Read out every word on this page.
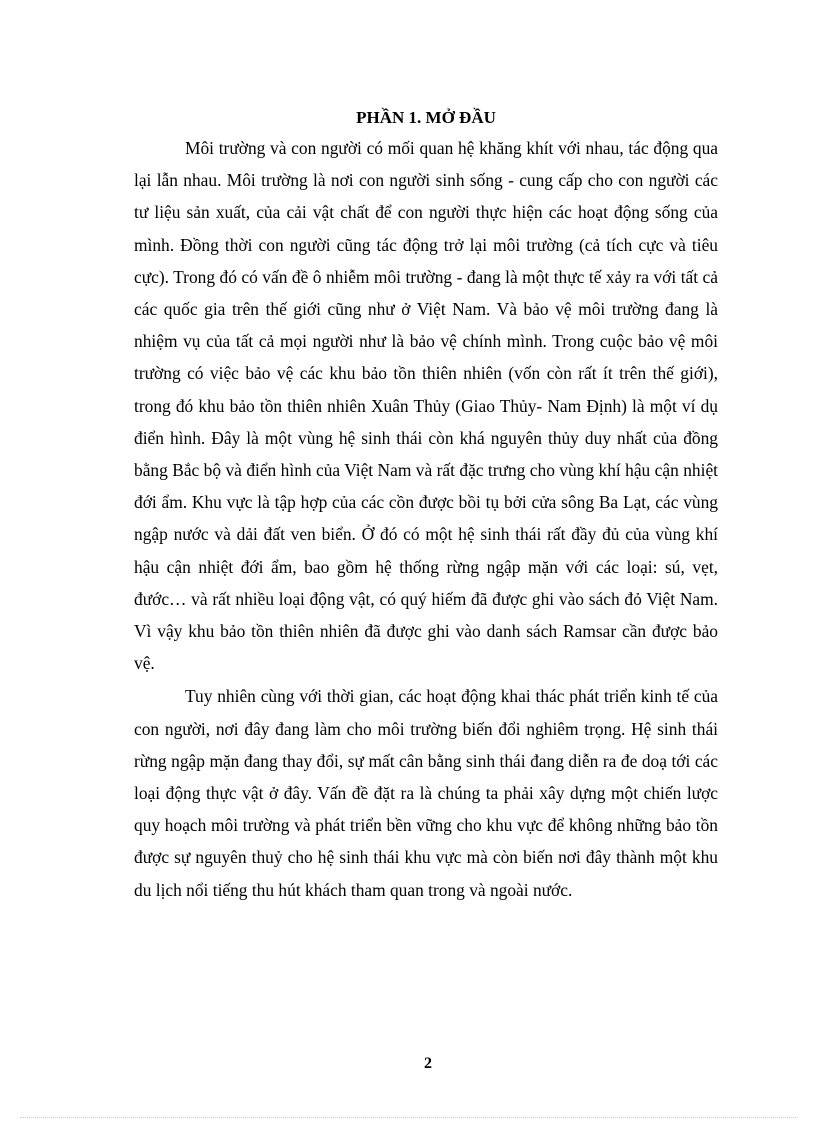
PHẦN 1. MỞ ĐẦU

Môi trường và con người có mối quan hệ khăng khít với nhau, tác động qua lại lẫn nhau. Môi trường là nơi con người sinh sống - cung cấp cho con người các tư liệu sản xuất, của cải vật chất để con người thực hiện các hoạt động sống của mình. Đồng thời con người cũng tác động trở lại môi trường (cả tích cực và tiêu cực). Trong đó có vấn đề ô nhiễm môi trường - đang là một thực tế xảy ra với tất cả các quốc gia trên thế giới cũng như ở Việt Nam. Và bảo vệ môi trường đang là nhiệm vụ của tất cả mọi người như là bảo vệ chính mình. Trong cuộc bảo vệ môi trường có việc bảo vệ các khu bảo tồn thiên nhiên (vốn còn rất ít trên thế giới), trong đó khu bảo tồn thiên nhiên Xuân Thủy (Giao Thủy- Nam Định) là một ví dụ điển hình. Đây là một vùng hệ sinh thái còn khá nguyên thủy duy nhất của đồng bằng Bắc bộ và điển hình của Việt Nam và rất đặc trưng cho vùng khí hậu cận nhiệt đới ẩm. Khu vực là tập hợp của các cồn được bồi tụ bởi cửa sông Ba Lạt, các vùng ngập nước và dải đất ven biển. Ở đó có một hệ sinh thái rất đầy đủ của vùng khí hậu cận nhiệt đới ẩm, bao gồm hệ thống rừng ngập mặn với các loại: sú, vẹt, đước… và rất nhiều loại động vật, có quý hiếm đã được ghi vào sách đỏ Việt Nam. Vì vậy khu bảo tồn thiên nhiên đã được ghi vào danh sách Ramsar cần được bảo vệ.

Tuy nhiên cùng với thời gian, các hoạt động khai thác phát triển kinh tế của con người, nơi đây đang làm cho môi trường biến đổi nghiêm trọng. Hệ sinh thái rừng ngập mặn đang thay đổi, sự mất cân bằng sinh thái đang diễn ra đe doạ tới các loại động thực vật ở đây. Vấn đề đặt ra là chúng ta phải xây dựng một chiến lược quy hoạch môi trường và phát triển bền vững cho khu vực để không những bảo tồn được sự nguyên thuỷ cho hệ sinh thái khu vực mà còn biến nơi đây thành một khu du lịch nổi tiếng thu hút khách tham quan trong và ngoài nước.

2
